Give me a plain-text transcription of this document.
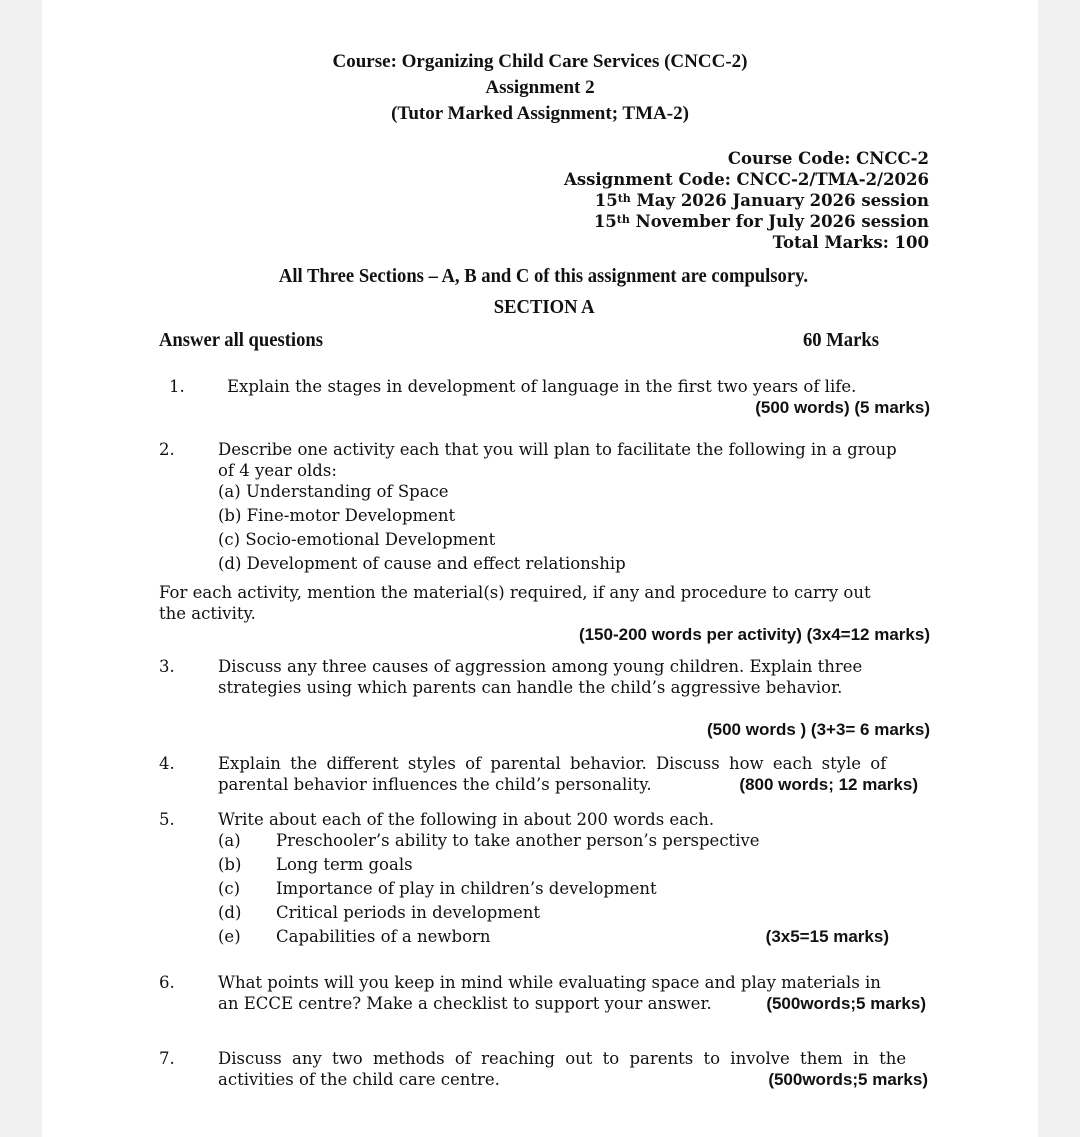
Course: Organizing Child Care Services (CNCC-2)
Assignment 2
(Tutor Marked Assignment; TMA-2)
Course Code: CNCC-2
Assignment Code: CNCC-2/TMA-2/2026
15th May 2026 January 2026 session
15th November for July 2026 session
Total Marks: 100
All Three Sections – A, B and C of this assignment are compulsory.
SECTION A
Answer all questions	60 Marks
1.	Explain the stages in development of language in the first two years of life.
(500 words) (5 marks)
2.	Describe one activity each that you will plan to facilitate the following in a group
of 4 year olds:
(a) Understanding of Space
(b) Fine-motor Development
(c) Socio-emotional Development
(d) Development of cause and effect relationship
For each activity, mention the material(s) required, if any and procedure to carry out
the activity.
(150-200 words per activity) (3x4=12 marks)
3.	Discuss any three causes of aggression among young children. Explain three
strategies using which parents can handle the child’s aggressive behavior.
(500 words ) (3+3= 6 marks)
4.	Explain the different styles of parental behavior. Discuss how each style of
parental behavior influences the child’s personality.	(800 words; 12 marks)
5.	Write about each of the following in about 200 words each.
(a) Preschooler’s ability to take another person’s perspective
(b) Long term goals
(c) Importance of play in children’s development
(d) Critical periods in development
(e) Capabilities of a newborn	(3x5=15 marks)
6.	What points will you keep in mind while evaluating space and play materials in
an ECCE centre? Make a checklist to support your answer.	(500words;5 marks)
7.	Discuss any two methods of reaching out to parents to involve them in the
activities of the child care centre.	(500words;5 marks)
